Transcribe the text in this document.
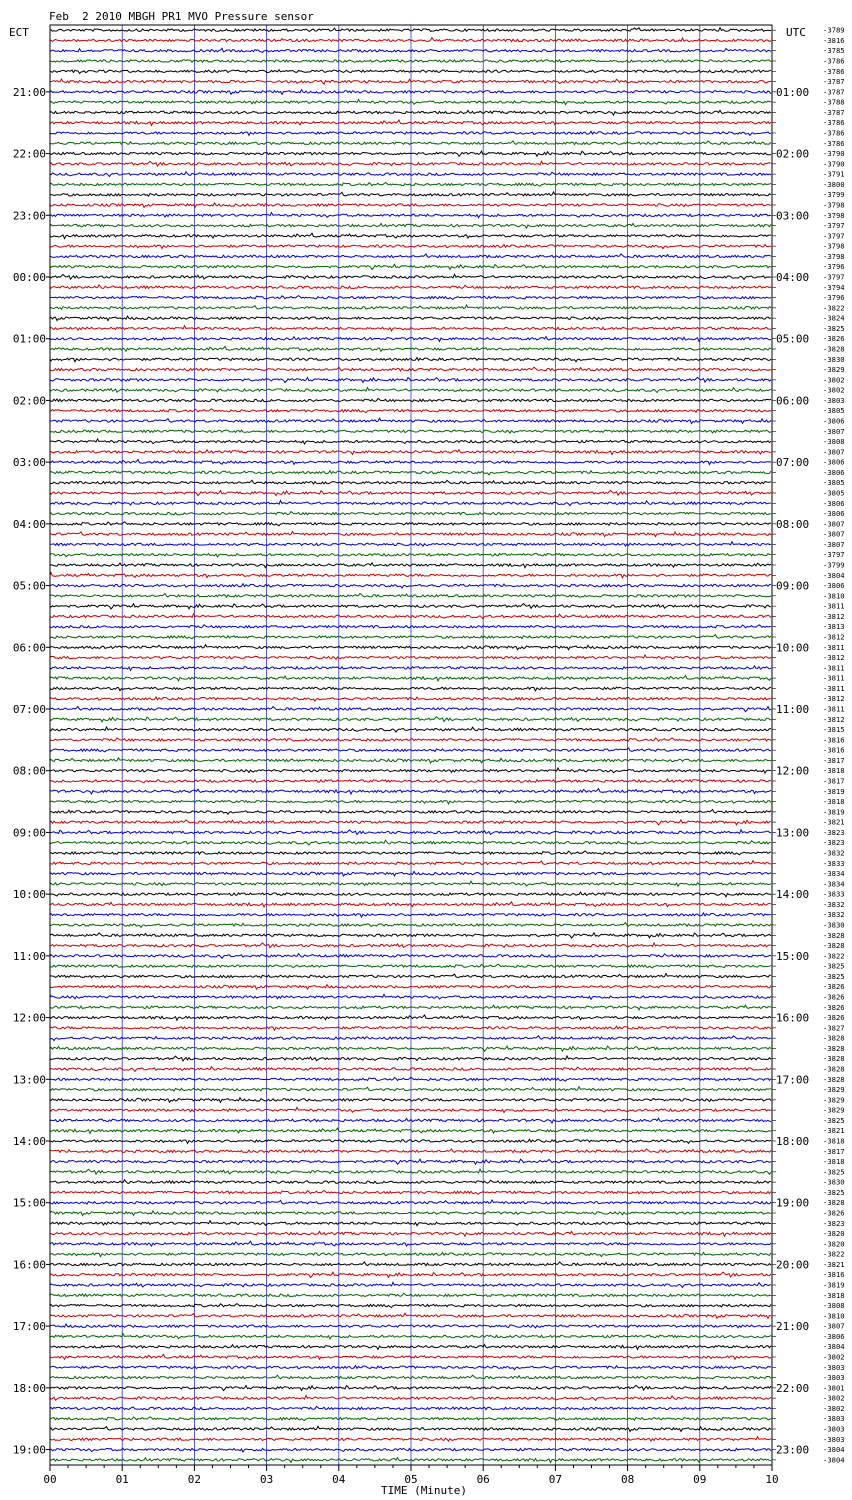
Feb  2 2010 MBGH PR1 MVO Pressure sensor
ECT	UTC
21:00
22:00
23:00
00:00
01:00
02:00
03:00
04:00
05:00
06:00
07:00
08:00
09:00
10:00
11:00
12:00
13:00
14:00
15:00
16:00
17:00
18:00
19:00
01:00
02:00
03:00
04:00
05:00
06:00
07:00
08:00
09:00
10:00
11:00
12:00
13:00
14:00
15:00
16:00
17:00
18:00
19:00
20:00
21:00
22:00
23:00
-3789
-3816
-3785
-3786
-3786
-3787
-3787
-3788
-3787
-3786
-3786
-3786
-3790
-3790
-3791
-3800
-3799
-3798
-3798
-3797
-3797
-3798
-3798
-3796
-3797
-3794
-3796
-3822
-3824
-3825
-3826
-3828
-3830
-3829
-3802
-3802
-3803
-3805
-3806
-3807
-3808
-3807
-3806
-3806
-3805
-3805
-3806
-3806
-3807
-3807
-3807
-3797
-3799
-3804
-3806
-3810
-3811
-3812
-3813
-3812
-3811
-3812
-3811
-3811
-3811
-3812
-3811
-3812
-3815
-3816
-3816
-3817
-3818
-3817
-3819
-3818
-3819
-3821
-3823
-3823
-3832
-3833
-3834
-3834
-3833
-3832
-3832
-3830
-3828
-3828
-3822
-3825
-3825
-3826
-3826
-3826
-3826
-3827
-3828
-3828
-3828
-3828
-3828
-3829
-3829
-3829
-3825
-3821
-3818
-3817
-3818
-3825
-3830
-3825
-3828
-3826
-3823
-3820
-3820
-3822
-3821
-3816
-3819
-3818
-3808
-3810
-3807
-3806
-3804
-3802
-3803
-3803
-3801
-3802
-3802
-3803
-3803
-3803
-3804
-3804
00	01	02	03	04	05	06	07	08	09	10
TIME (Minute)
